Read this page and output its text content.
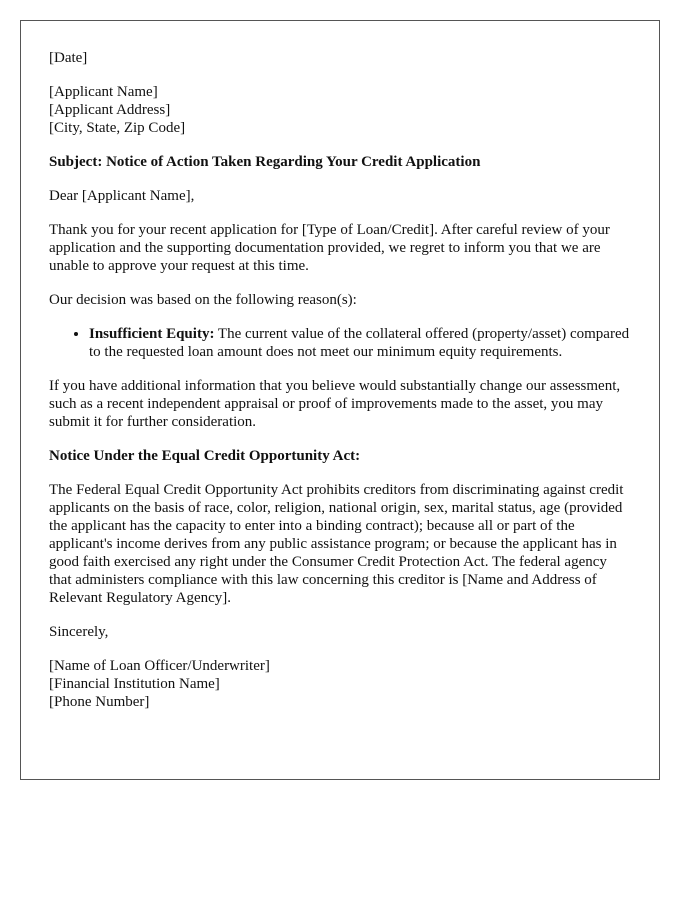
[Date]
[Applicant Name]
[Applicant Address]
[City, State, Zip Code]
Subject: Notice of Action Taken Regarding Your Credit Application
Dear [Applicant Name],

Thank you for your recent application for [Type of Loan/Credit]. After careful review of your application and the supporting documentation provided, we regret to inform you that we are unable to approve your request at this time.

Our decision was based on the following reason(s):

• Insufficient Equity: The current value of the collateral offered (property/asset) compared to the requested loan amount does not meet our minimum equity requirements.

If you have additional information that you believe would substantially change our assessment, such as a recent independent appraisal or proof of improvements made to the asset, you may submit it for further consideration.

Notice Under the Equal Credit Opportunity Act:

The Federal Equal Credit Opportunity Act prohibits creditors from discriminating against credit applicants on the basis of race, color, religion, national origin, sex, marital status, age (provided the applicant has the capacity to enter into a binding contract); because all or part of the applicant's income derives from any public assistance program; or because the applicant has in good faith exercised any right under the Consumer Credit Protection Act. The federal agency that administers compliance with this law concerning this creditor is [Name and Address of Relevant Regulatory Agency].

Sincerely,
[Name of Loan Officer/Underwriter]
[Financial Institution Name]
[Phone Number]
